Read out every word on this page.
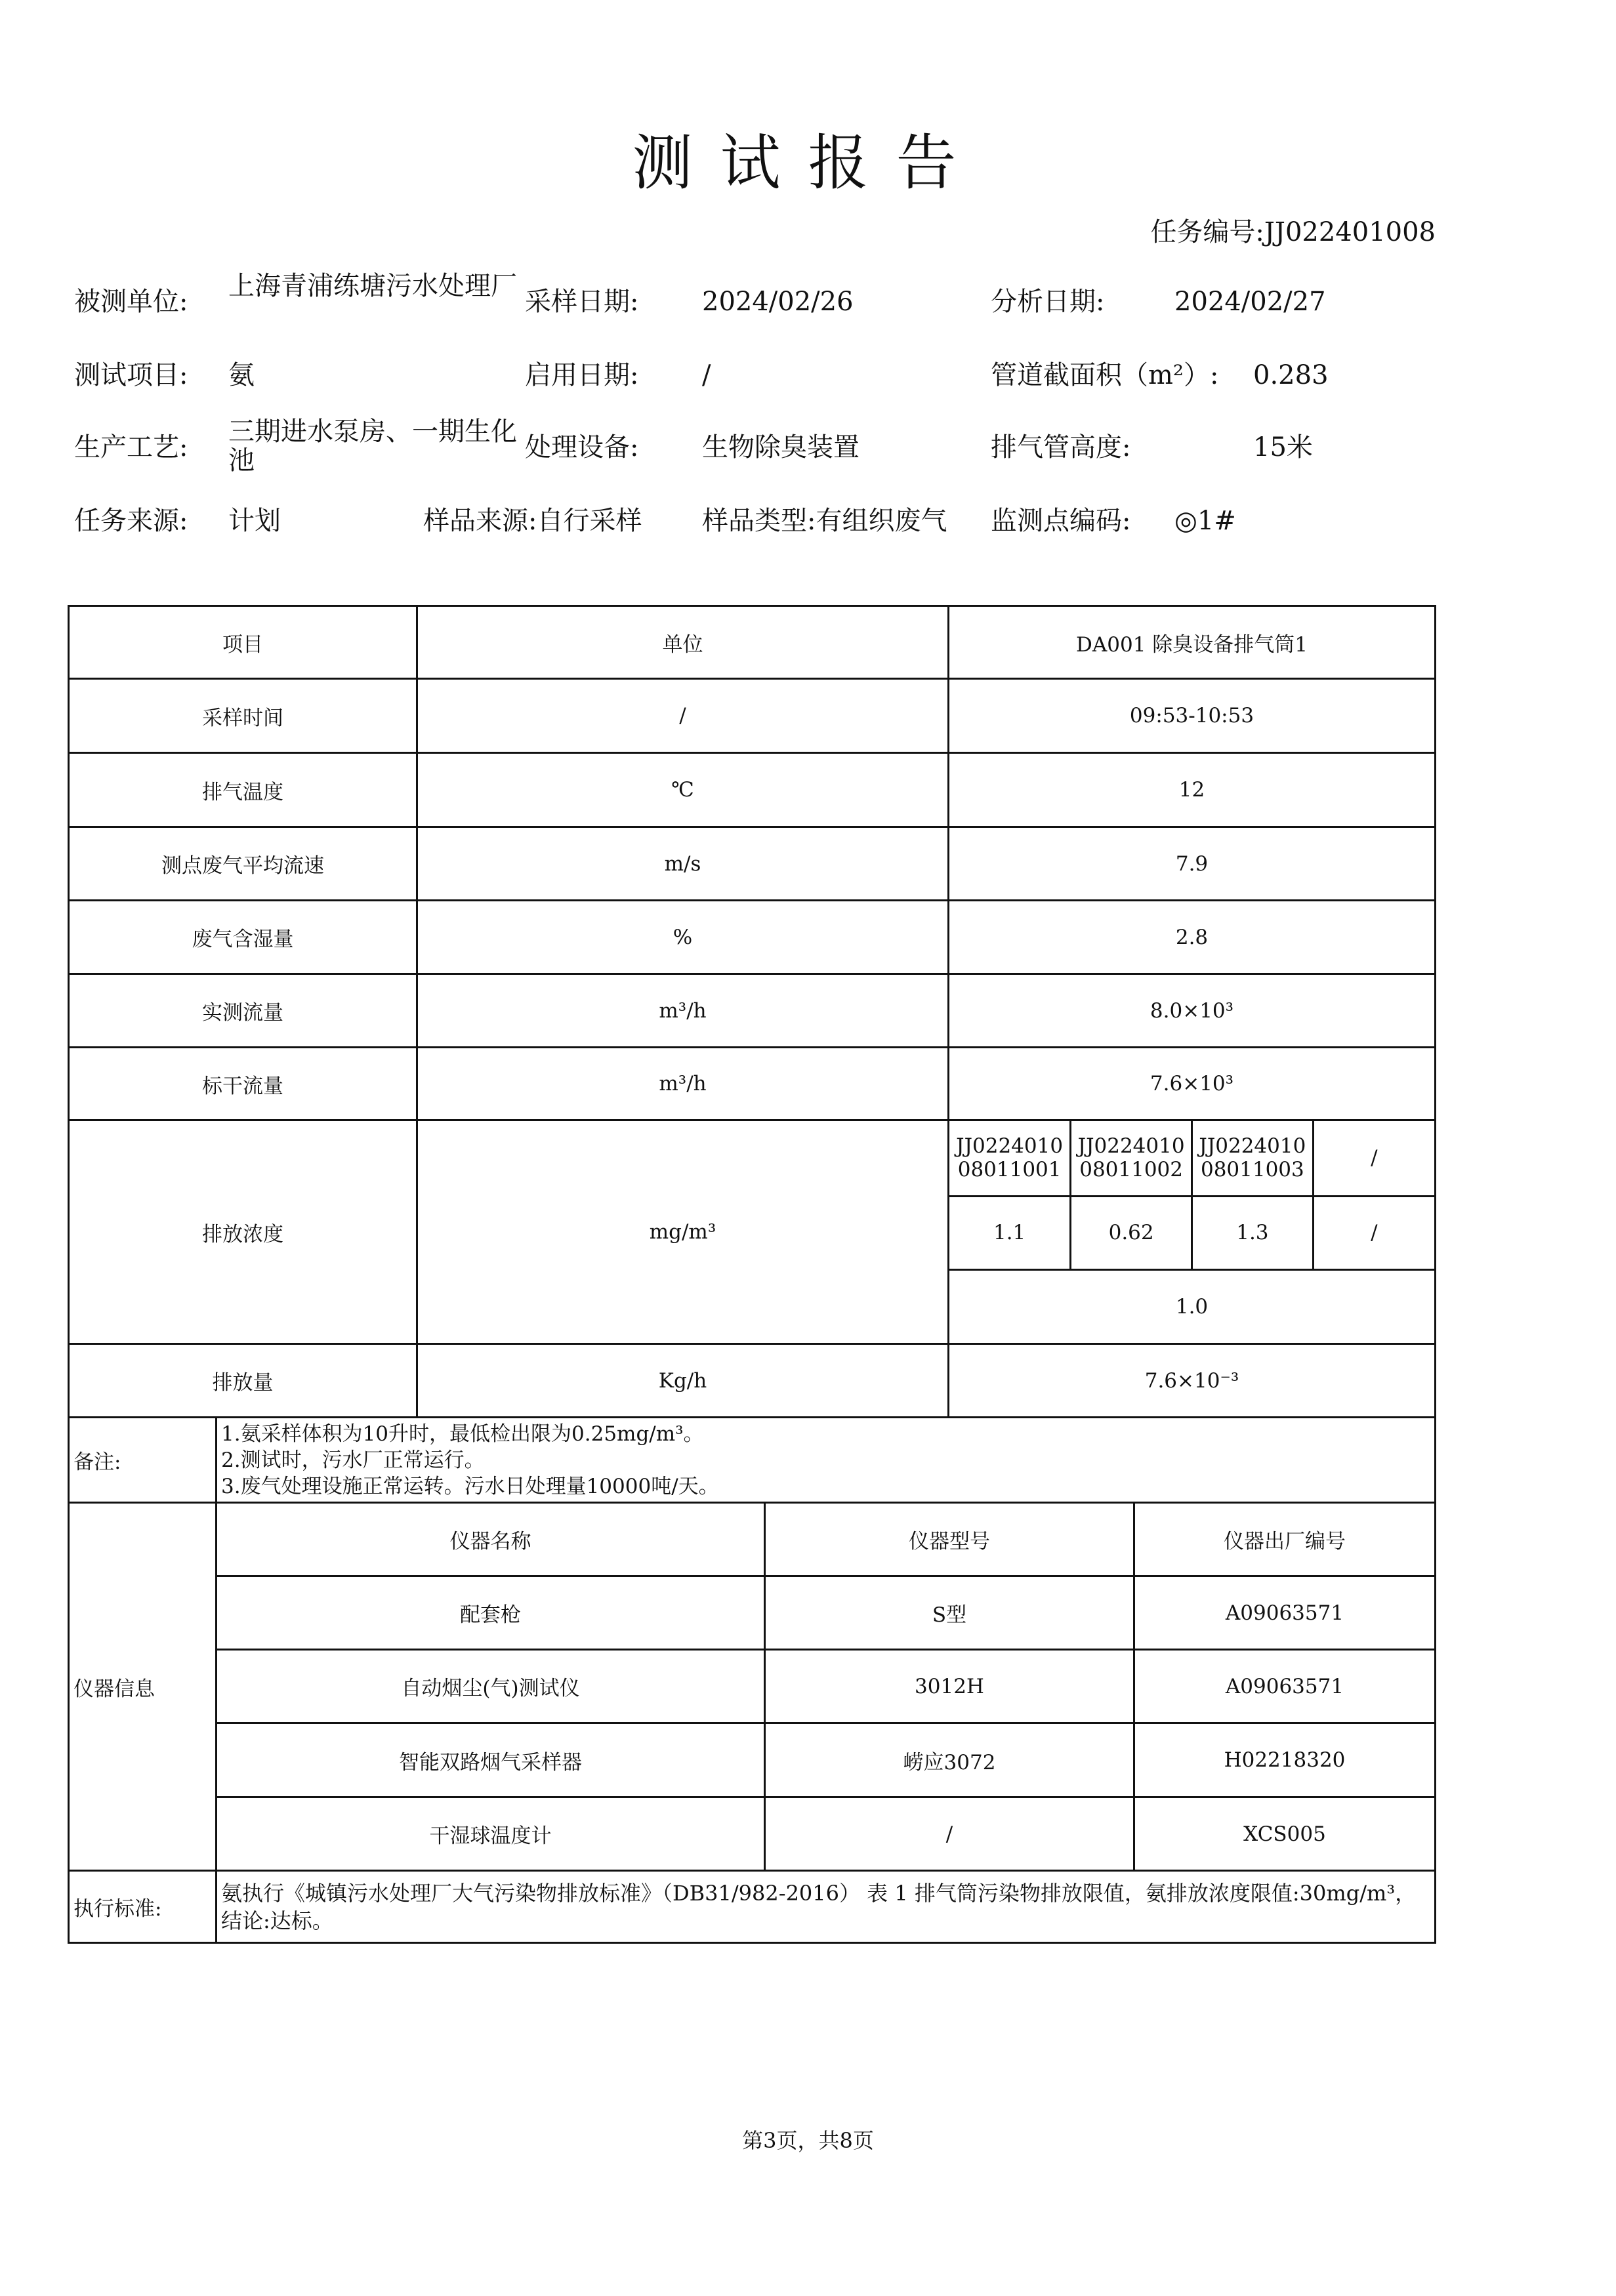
测试报告
任务编号:JJ022401008
被测单位:
上海青浦练塘污水处理厂
采样日期: 2024/02/26	分析日期:	2024/02/27
测试项目: 氨	启用日期: /	管道截面积（m²）: 0.283
生产工艺:
三期进水泵房、一期生化池	处理设备: 生物除臭装置	排气管高度:	15米
任务来源: 计划	样品来源:自行采样 样品类型:有组织废气 监测点编码: ◎1#
项目	单位	DA001 除臭设备排气筒1
采样时间	/	09:53-10:53
排气温度	℃	12
测点废气平均流速	m/s	7.9
废气含湿量	%	2.8
实测流量	m³/h	8.0×10³
标干流量	m³/h	7.6×10³
排放浓度	mg/m³	
JJ022401008011001	JJ022401008011002	JJ022401008011003	/
1.1	0.62	1.3	/
1.0

排放量	Kg/h	7.6×10⁻³
备注:	
1.氨采样体积为10升时，最低检出限为0.25mg/m³。
2.测试时，污水厂正常运行。
3.废气处理设施正常运转。污水日处理量10000吨/天。

仪器信息	仪器名称	仪器型号	仪器出厂编号
配套枪	S型	A09063571
自动烟尘(气)测试仪	3012H	A09063571
智能双路烟气采样器	崂应3072	H02218320
干湿球温度计	/	XCS005
执行标准:	氨执行《城镇污水处理厂大气污染物排放标准》（DB31/982-2016） 表 1 排气筒污染物排放限值，氨排放浓度限值:30mg/m³，结论:达标。
第3页，共8页
